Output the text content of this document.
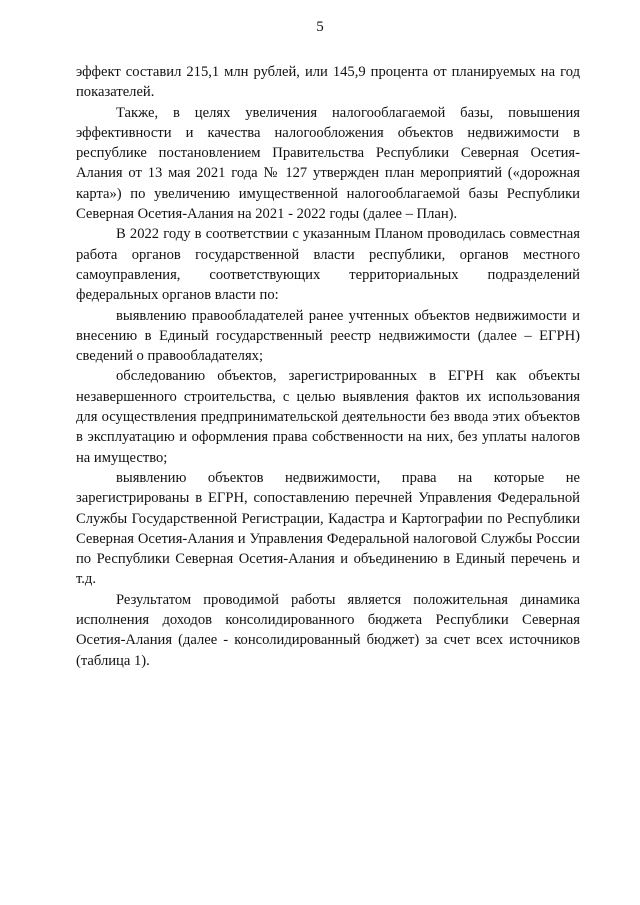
5

эффект составил 215,1 млн рублей, или 145,9 процента от планируемых на год показателей.

Также, в целях увеличения налогооблагаемой базы, повышения эффективности и качества налогообложения объектов недвижимости в республике постановлением Правительства Республики Северная Осетия-Алания от 13 мая 2021 года № 127 утвержден план мероприятий («дорожная карта») по увеличению имущественной налогооблагаемой базы Республики Северная Осетия-Алания на 2021 - 2022 годы (далее – План).

В 2022 году в соответствии с указанным Планом проводилась совместная работа органов государственной власти республики, органов местного самоуправления, соответствующих территориальных подразделений федеральных органов власти по:

выявлению правообладателей ранее учтенных объектов недвижимости и внесению в Единый государственный реестр недвижимости (далее – ЕГРН) сведений о правообладателях;

обследованию объектов, зарегистрированных в ЕГРН как объекты незавершенного строительства, с целью выявления фактов их использования для осуществления предпринимательской деятельности без ввода этих объектов в эксплуатацию и оформления права собственности на них, без уплаты налогов на имущество;

выявлению объектов недвижимости, права на которые не зарегистрированы в ЕГРН, сопоставлению перечней Управления Федеральной Службы Государственной Регистрации, Кадастра и Картографии по Республики Северная Осетия-Алания и Управления Федеральной налоговой Службы России по Республики Северная Осетия-Алания и объединению в Единый перечень и т.д.

Результатом проводимой работы является положительная динамика исполнения доходов консолидированного бюджета Республики Северная Осетия-Алания (далее - консолидированный бюджет) за счет всех источников (таблица 1).
